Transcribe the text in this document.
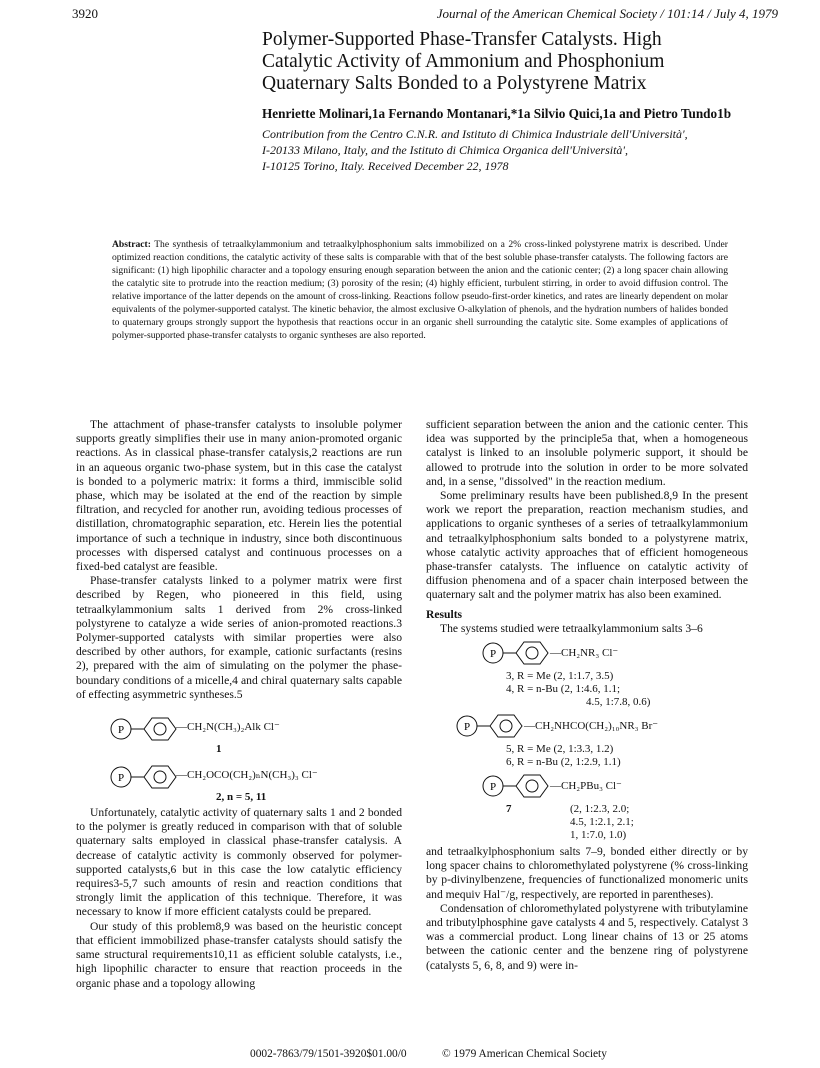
3920	Journal of the American Chemical Society / 101:14 / July 4, 1979
Polymer-Supported Phase-Transfer Catalysts. High
Catalytic Activity of Ammonium and Phosphonium
Quaternary Salts Bonded to a Polystyrene Matrix
Henriette Molinari,1a Fernando Montanari,*1a Silvio Quici,1a and Pietro Tundo1b
Contribution from the Centro C.N.R. and Istituto di Chimica Industriale dell'Università',
I-20133 Milano, Italy, and the Istituto di Chimica Organica dell'Università',
I-10125 Torino, Italy. Received December 22, 1978
Abstract: The synthesis of tetraalkylammonium and tetraalkylphosphonium salts immobilized on a 2% cross-linked polystyrene matrix is described. Under optimized reaction conditions, the catalytic activity of these salts is comparable with that of the best soluble phase-transfer catalysts. The following factors are significant: (1) high lipophilic character and a topology ensuring enough separation between the anion and the cationic center; (2) a long spacer chain allowing the catalytic site to protrude into the reaction medium; (3) porosity of the resin; (4) highly efficient, turbulent stirring, in order to avoid diffusion control. The relative importance of the latter depends on the amount of cross-linking. Reactions follow pseudo-first-order kinetics, and rates are linearly dependent on molar equivalents of the polymer-supported catalyst. The kinetic behavior, the almost exclusive O-alkylation of phenols, and the hydration numbers of halides bonded to quaternary groups strongly support the hypothesis that reactions occur in an organic shell surrounding the catalytic site. Some examples of applications of polymer-supported phase-transfer catalysts to organic syntheses are also reported.

The attachment of phase-transfer catalysts to insoluble polymer supports greatly simplifies their use in many anion-promoted organic reactions. As in classical phase-transfer catalysis,2 reactions are run in an aqueous organic two-phase system, but in this case the catalyst is bonded to a polymeric matrix: it forms a third, immiscible solid phase, which may be isolated at the end of the reaction by simple filtration, and recycled for another run, avoiding tedious processes of distillation, chromatographic separation, etc. Herein lies the potential importance of such a technique in industry, since both discontinuous processes with dispersed catalyst and continuous processes on a fixed-bed catalyst are feasible.

Phase-transfer catalysts linked to a polymer matrix were first described by Regen, who pioneered in this field, using tetraalkylammonium salts 1 derived from 2% cross-linked polystyrene to catalyze a wide series of anion-promoted reactions.3 Polymer-supported catalysts with similar properties were also described by other authors, for example, cationic surfactants (resins 2), prepared with the aim of simulating on the polymer the phase-boundary conditions of a micelle,4 and chiral quaternary salts capable of effecting asymmetric syntheses.5

P	—CH₂N(CH₃)₂Alk Cl⁻
1
P	—CH₂OCO(CH₂)ₙN(CH₃)₃ Cl⁻
2, n = 5, 11

Unfortunately, catalytic activity of quaternary salts 1 and 2 bonded to the polymer is greatly reduced in comparison with that of soluble quaternary salts employed in classical phase-transfer catalysis. A decrease of catalytic activity is commonly observed for polymer-supported catalysts,6 but in this case the low catalytic efficiency requires3-5,7 such amounts of resin and reaction conditions that strongly limit the application of this technique. Therefore, it was necessary to know if more efficient catalysts could be prepared.

Our study of this problem8,9 was based on the heuristic concept that efficient immobilized phase-transfer catalysts should satisfy the same structural requirements10,11 as efficient soluble catalysts, i.e., high lipophilic character to ensure that reaction proceeds in the organic phase and a topology allowing

sufficient separation between the anion and the cationic center. This idea was supported by the principle5a that, when a homogeneous catalyst is linked to an insoluble polymeric support, it should be allowed to protrude into the solution in order to be more solvated and, in a sense, "dissolved" in the reaction medium.

Some preliminary results have been published.8,9 In the present work we report the preparation, reaction mechanism studies, and applications to organic syntheses of a series of tetraalkylammonium and tetraalkylphosphonium salts bonded to a polystyrene matrix, whose catalytic activity approaches that of efficient homogeneous phase-transfer catalysts. The influence on catalytic activity of diffusion phenomena and of a spacer chain interposed between the quaternary salt and the polymer matrix has also been examined.

Results

The systems studied were tetraalkylammonium salts 3–6

P	—CH₂NR₃ Cl⁻
3, R = Me (2, 1:1.7, 3.5)
4, R = n-Bu (2, 1:4.6, 1.1;
4.5, 1:7.8, 0.6)
P	—CH₂NHCO(CH₂)₁₀NR₃ Br⁻
5, R = Me (2, 1:3.3, 1.2)
6, R = n-Bu (2, 1:2.9, 1.1)
P	—CH₂PBu₃ Cl⁻
7	(2, 1:2.3, 2.0;
4.5, 1:2.1, 2.1;
1, 1:7.0, 1.0)

and tetraalkylphosphonium salts 7–9, bonded either directly or by long spacer chains to chloromethylated polystyrene (% cross-linking by p-divinylbenzene, frequencies of functionalized monomeric units and mequiv Hal⁻/g, respectively, are reported in parentheses).

Condensation of chloromethylated polystyrene with tributylamine and tributylphosphine gave catalysts 4 and 5, respectively. Catalyst 3 was a commercial product. Long linear chains of 13 or 25 atoms between the cationic center and the benzene ring of polystyrene (catalysts 5, 6, 8, and 9) were in-

0002-7863/79/1501-3920$01.00/0	© 1979 American Chemical Society
